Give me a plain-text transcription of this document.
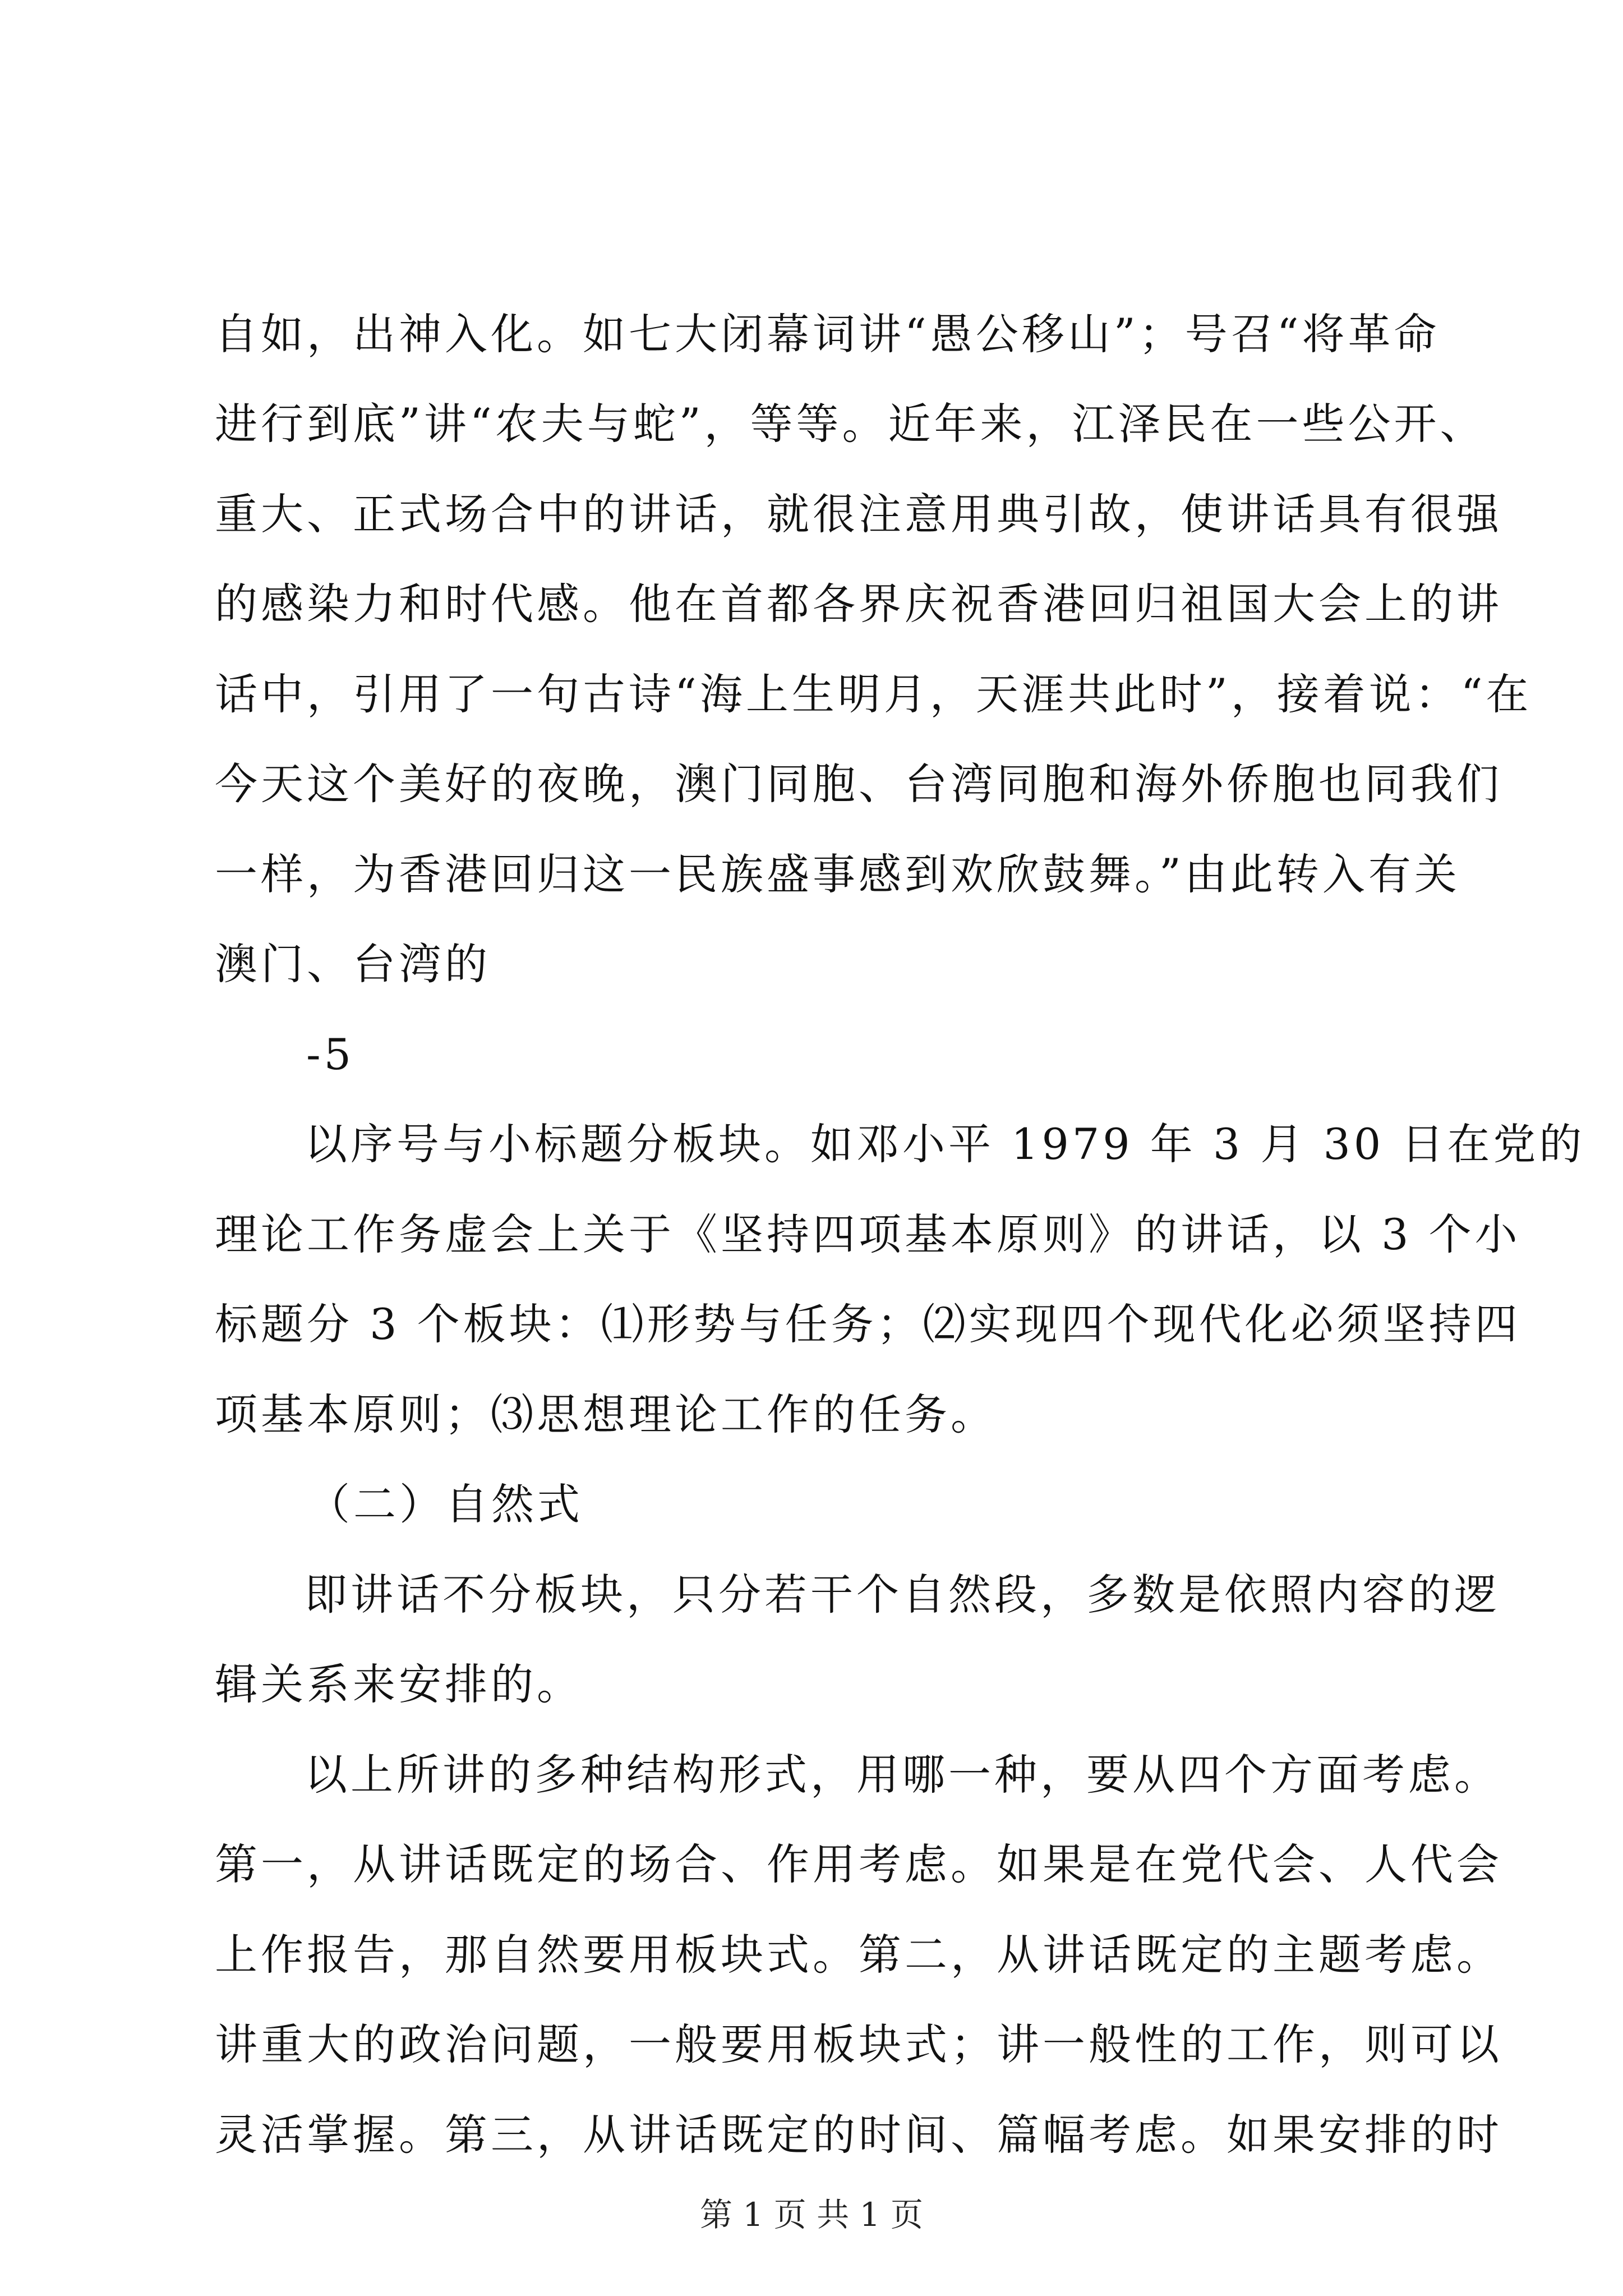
自如，出神入化。如七大闭幕词讲“愚公移山”；号召“将革命
进行到底”讲“农夫与蛇”，等等。近年来，江泽民在一些公开、
重大、正式场合中的讲话，就很注意用典引故，使讲话具有很强
的感染力和时代感。他在首都各界庆祝香港回归祖国大会上的讲
话中，引用了一句古诗“海上生明月，天涯共此时”，接着说：“在
今天这个美好的夜晚，澳门同胞、台湾同胞和海外侨胞也同我们
一样，为香港回归这一民族盛事感到欢欣鼓舞。”由此转入有关
澳门、台湾的
-5
以序号与小标题分板块。如邓小平 1979 年 3 月 30 日在党的
理论工作务虚会上关于《坚持四项基本原则》的讲话，以 3 个小
标题分 3 个板块：⑴形势与任务；⑵实现四个现代化必须坚持四
项基本原则；⑶思想理论工作的任务。
（二）自然式
即讲话不分板块，只分若干个自然段，多数是依照内容的逻
辑关系来安排的。
以上所讲的多种结构形式，用哪一种，要从四个方面考虑。
第一，从讲话既定的场合、作用考虑。如果是在党代会、人代会
上作报告，那自然要用板块式。第二，从讲话既定的主题考虑。
讲重大的政治问题，一般要用板块式；讲一般性的工作，则可以
灵活掌握。第三，从讲话既定的时间、篇幅考虑。如果安排的时
第 1 页 共 1 页
